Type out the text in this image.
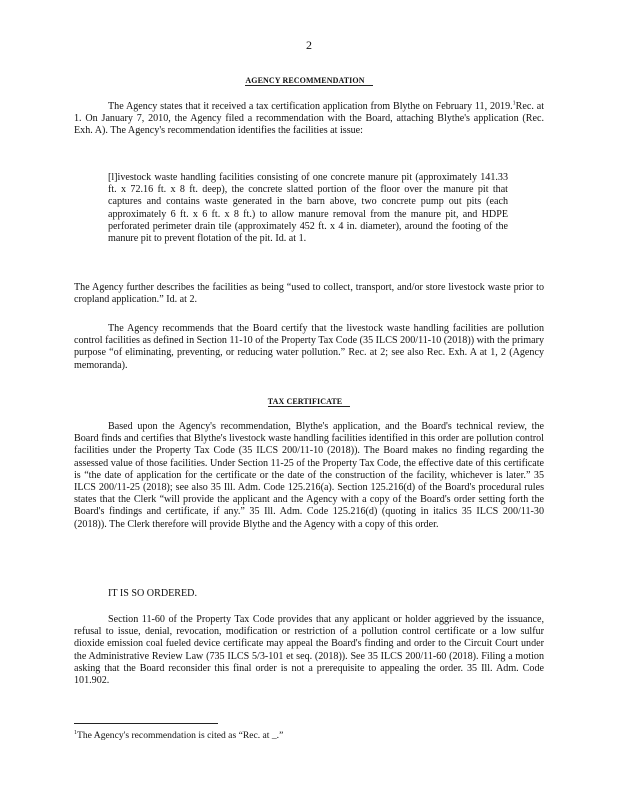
2
AGENCY RECOMMENDATION

The Agency states that it received a tax certification application from Blythe on February 11, 2019.$^1$Rec. at 1. On January 7, 2010, the Agency filed a recommendation with the Board, attaching Blythe's application (Rec. Exh. A). The Agency's recommendation identifies the facilities at issue:

[l]ivestock waste handling facilities consisting of one concrete manure pit (approximately 141.33 ft. x 72.16 ft. x 8 ft. deep), the concrete slatted portion of the floor over the manure pit that captures and contains waste generated in the barn above, two concrete pump out pits (each approximately 6 ft. x 6 ft. x 8 ft.) to allow manure removal from the manure pit, and HDPE perforated perimeter drain tile (approximately 452 ft. x 4 in. diameter), around the footing of the manure pit to prevent flotation of the pit. Id. at 1.

The Agency further describes the facilities as being “used to collect, transport, and/or store livestock waste prior to cropland application.” Id. at 2.

The Agency recommends that the Board certify that the livestock waste handling facilities are pollution control facilities as defined in Section 11-10 of the Property Tax Code (35 ILCS 200/11-10 (2018)) with the primary purpose “of eliminating, preventing, or reducing water pollution.” Rec. at 2; see also Rec. Exh. A at 1, 2 (Agency memoranda).

TAX CERTIFICATE

Based upon the Agency's recommendation, Blythe's application, and the Board's technical review, the Board finds and certifies that Blythe's livestock waste handling facilities identified in this order are pollution control facilities under the Property Tax Code (35 ILCS 200/11-10 (2018)). The Board makes no finding regarding the assessed value of those facilities. Under Section 11-25 of the Property Tax Code, the effective date of this certificate is “the date of application for the certificate or the date of the construction of the facility, whichever is later.” 35 ILCS 200/11-25 (2018); see also 35 Ill. Adm. Code 125.216(a). Section 125.216(d) of the Board's procedural rules states that the Clerk “will provide the applicant and the Agency with a copy of the Board's order setting forth the Board's findings and certificate, if any.” 35 Ill. Adm. Code 125.216(d) (quoting in italics 35 ILCS 200/11-30 (2018)). The Clerk therefore will provide Blythe and the Agency with a copy of this order.

IT IS SO ORDERED.

Section 11-60 of the Property Tax Code provides that any applicant or holder aggrieved by the issuance, refusal to issue, denial, revocation, modification or restriction of a pollution control certificate or a low sulfur dioxide emission coal fueled device certificate may appeal the Board's finding and order to the Circuit Court under the Administrative Review Law (735 ILCS 5/3-101 et seq. (2018)). See 35 ILCS 200/11-60 (2018). Filing a motion asking that the Board reconsider this final order is not a prerequisite to appealing the order. 35 Ill. Adm. Code 101.902.

$^1$The Agency's recommendation is cited as “Rec. at _.”
